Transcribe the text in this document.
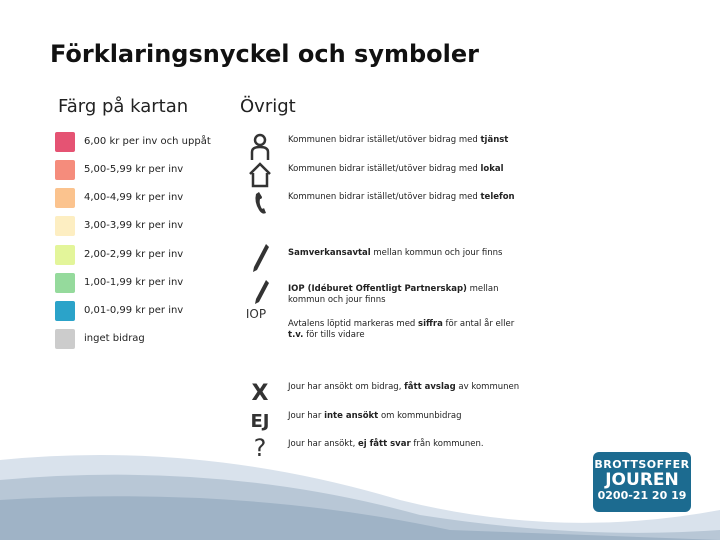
Förklaringsnyckel och symboler
Färg på kartan	Övrigt
6,00 kr per inv och uppåt
5,00-5,99 kr per inv
4,00-4,99 kr per inv
3,00-3,99 kr per inv
2,00-2,99 kr per inv
1,00-1,99 kr per inv
0,01-0,99 kr per inv
inget bidrag
Kommunen bidrar istället/utöver bidrag med tjänst
Kommunen bidrar istället/utöver bidrag med lokal
Kommunen bidrar istället/utöver bidrag med telefon
Samverkansavtal mellan kommun och jour finns
IOP
IOP (Idéburet Offentligt Partnerskap) mellan kommun och jour finns
Avtalens löptid markeras med siffra för antal år eller t.v. för tills vidare
X	Jour har ansökt om bidrag, fått avslag av kommunen
EJ	Jour har inte ansökt om kommunbidrag
?	Jour har ansökt, ej fått svar från kommunen.
BROTTSOFFER
JOUREN
0200-21 20 19
